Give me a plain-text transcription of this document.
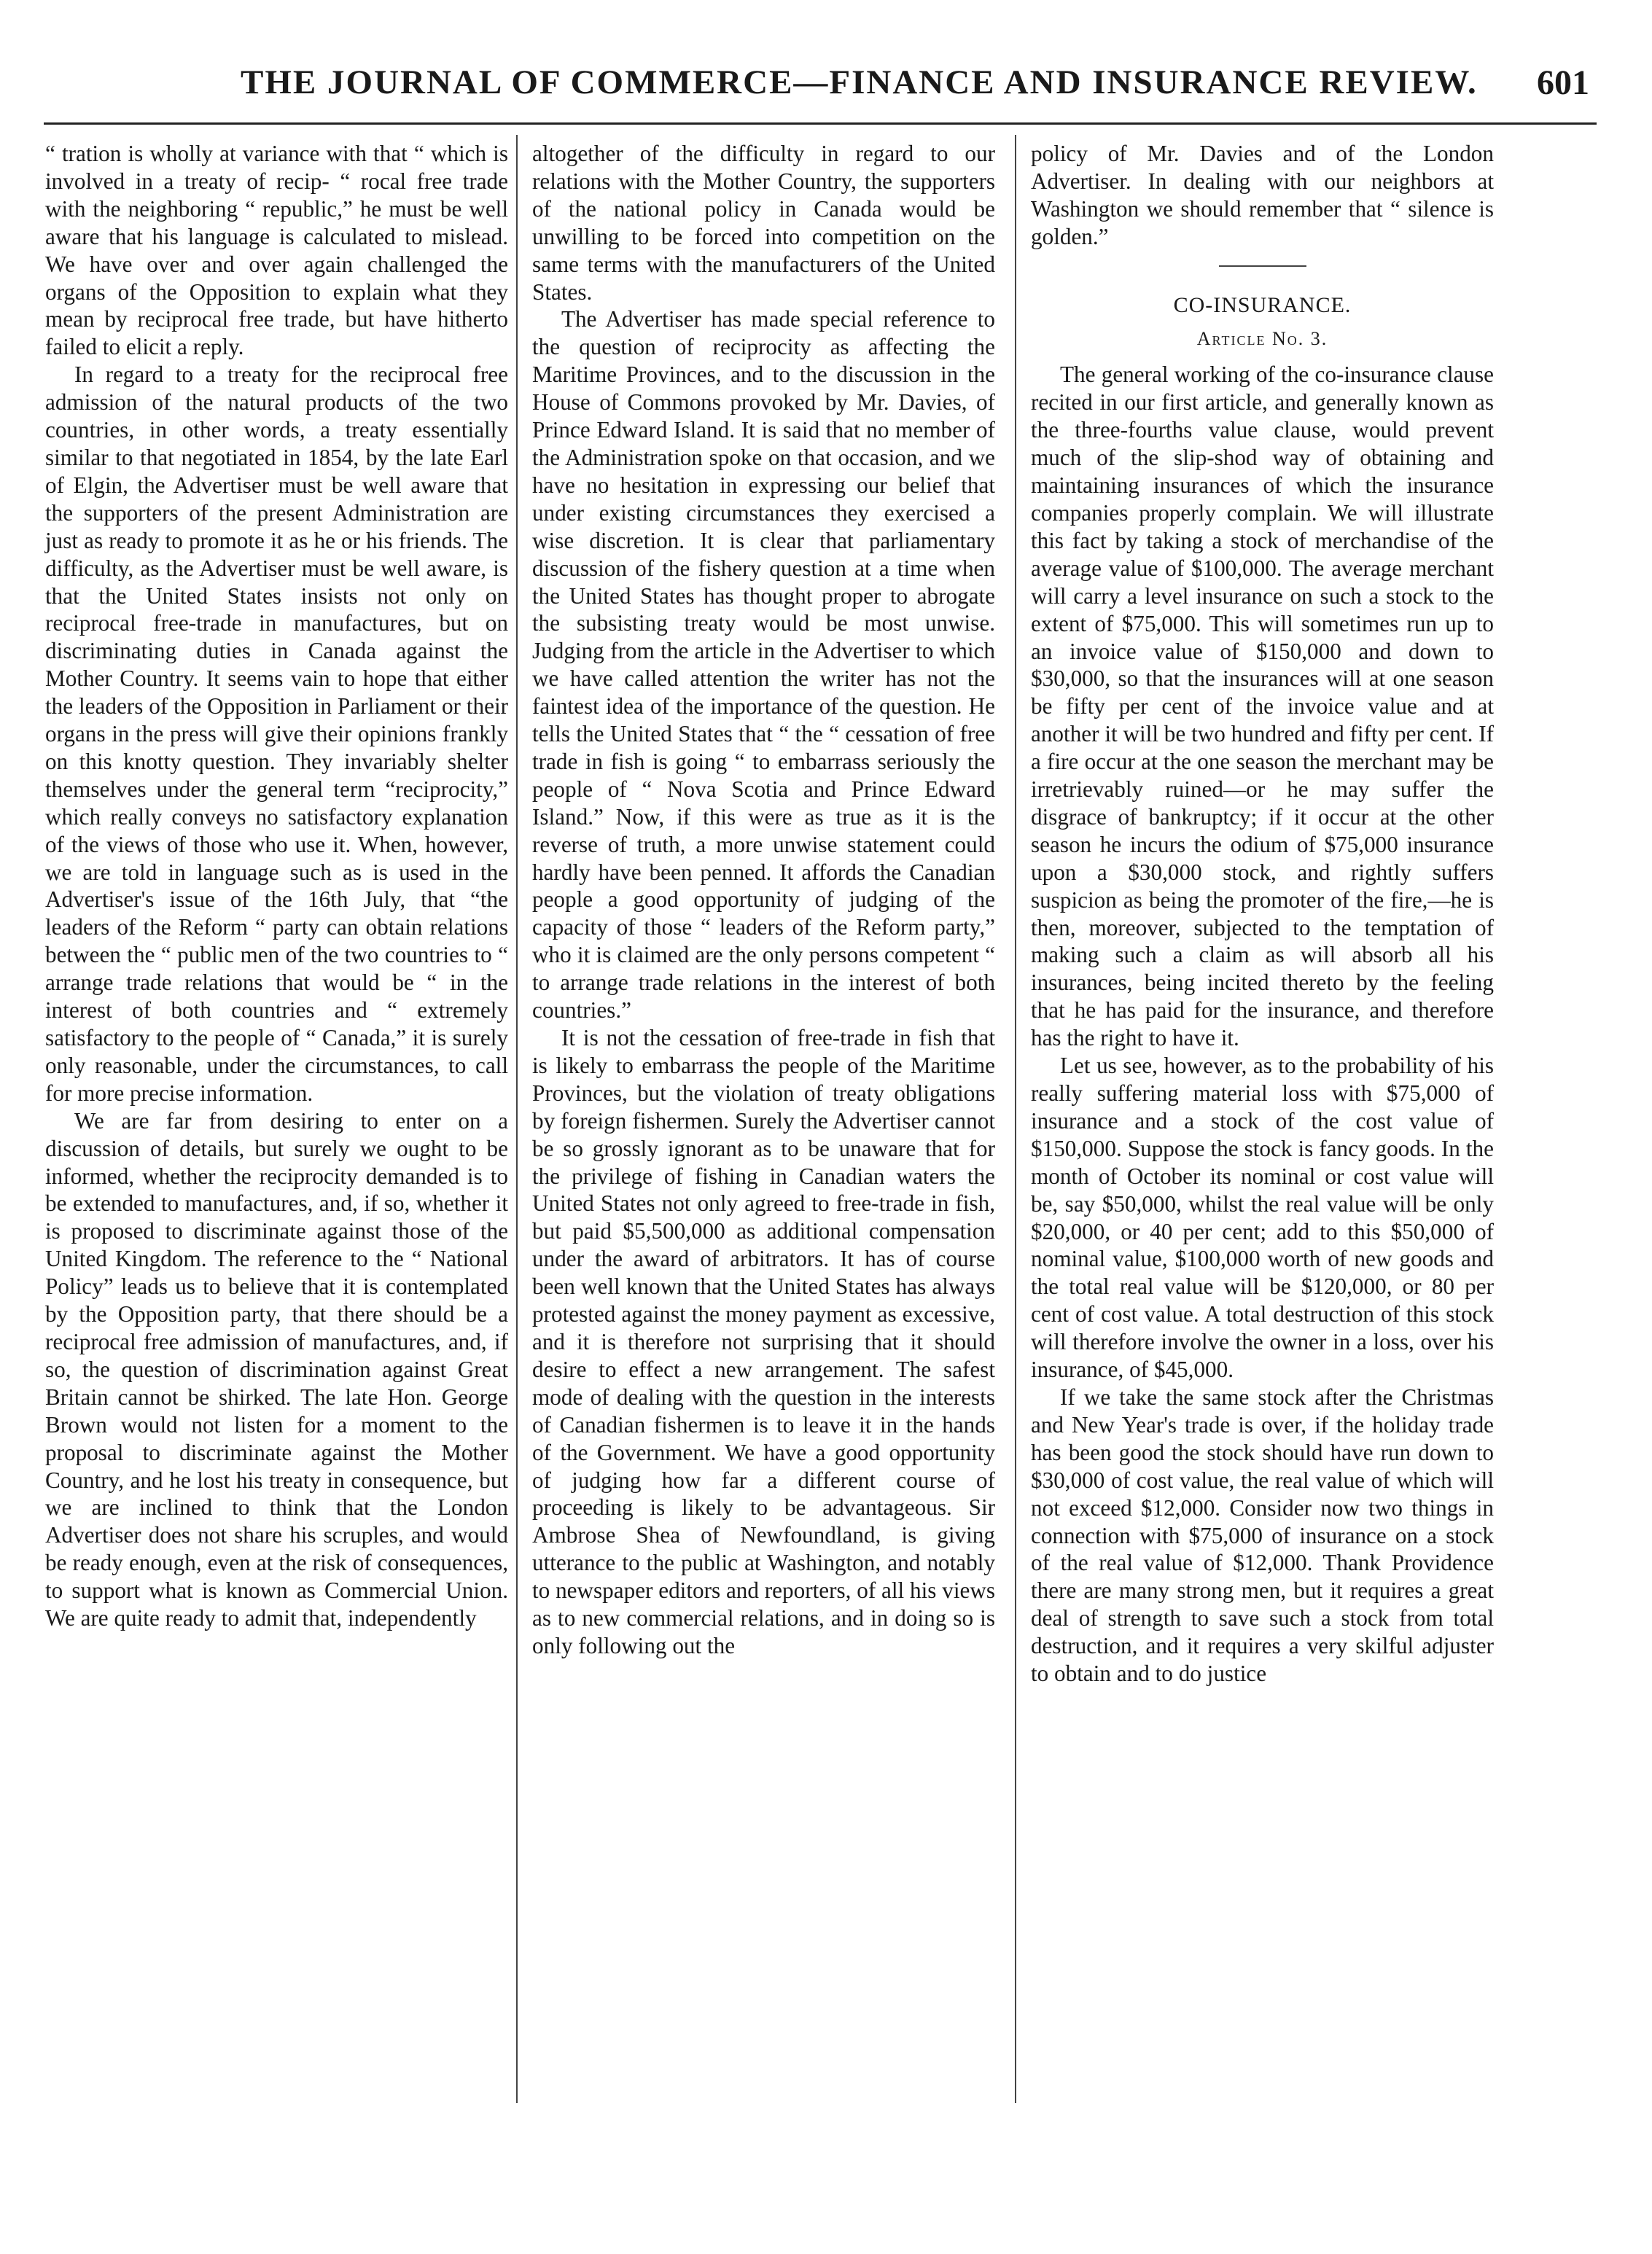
THE JOURNAL OF COMMERCE—FINANCE AND INSURANCE REVIEW. 601

“ tration is wholly at variance with that “ which is involved in a treaty of recip- “ rocal free trade with the neighboring “ republic,” he must be well aware that his language is calculated to mislead. We have over and over again challenged the organs of the Opposition to explain what they mean by reciprocal free trade, but have hitherto failed to elicit a reply.

In regard to a treaty for the reciprocal free admission of the natural products of the two countries, in other words, a treaty essentially similar to that negotiated in 1854, by the late Earl of Elgin, the Advertiser must be well aware that the supporters of the present Administration are just as ready to promote it as he or his friends. The difficulty, as the Advertiser must be well aware, is that the United States insists not only on reciprocal free-trade in manufactures, but on discriminating duties in Canada against the Mother Country. It seems vain to hope that either the leaders of the Opposition in Parliament or their organs in the press will give their opinions frankly on this knotty question. They invariably shelter themselves under the general term “reciprocity,” which really conveys no satisfactory explanation of the views of those who use it. When, however, we are told in language such as is used in the Advertiser's issue of the 16th July, that “the leaders of the Reform “ party can obtain relations between the “ public men of the two countries to “ arrange trade relations that would be “ in the interest of both countries and “ extremely satisfactory to the people of “ Canada,” it is surely only reasonable, under the circumstances, to call for more precise information.

We are far from desiring to enter on a discussion of details, but surely we ought to be informed, whether the reciprocity demanded is to be extended to manufactures, and, if so, whether it is proposed to discriminate against those of the United Kingdom. The reference to the “ National Policy” leads us to believe that it is contemplated by the Opposition party, that there should be a reciprocal free admission of manufactures, and, if so, the question of discrimination against Great Britain cannot be shirked. The late Hon. George Brown would not listen for a moment to the proposal to discriminate against the Mother Country, and he lost his treaty in consequence, but we are inclined to think that the London Advertiser does not share his scruples, and would be ready enough, even at the risk of consequences, to support what is known as Commercial Union. We are quite ready to admit that, independently

altogether of the difficulty in regard to our relations with the Mother Country, the supporters of the national policy in Canada would be unwilling to be forced into competition on the same terms with the manufacturers of the United States.

The Advertiser has made special reference to the question of reciprocity as affecting the Maritime Provinces, and to the discussion in the House of Commons provoked by Mr. Davies, of Prince Edward Island. It is said that no member of the Administration spoke on that occasion, and we have no hesitation in expressing our belief that under existing circumstances they exercised a wise discretion. It is clear that parliamentary discussion of the fishery question at a time when the United States has thought proper to abrogate the subsisting treaty would be most unwise. Judging from the article in the Advertiser to which we have called attention the writer has not the faintest idea of the importance of the question. He tells the United States that “ the “ cessation of free trade in fish is going “ to embarrass seriously the people of “ Nova Scotia and Prince Edward Island.” Now, if this were as true as it is the reverse of truth, a more unwise statement could hardly have been penned. It affords the Canadian people a good opportunity of judging of the capacity of those “ leaders of the Reform party,” who it is claimed are the only persons competent “ to arrange trade relations in the interest of both countries.”

It is not the cessation of free-trade in fish that is likely to embarrass the people of the Maritime Provinces, but the violation of treaty obligations by foreign fishermen. Surely the Advertiser cannot be so grossly ignorant as to be unaware that for the privilege of fishing in Canadian waters the United States not only agreed to free-trade in fish, but paid $5,500,000 as additional compensation under the award of arbitrators. It has of course been well known that the United States has always protested against the money payment as excessive, and it is therefore not surprising that it should desire to effect a new arrangement. The safest mode of dealing with the question in the interests of Canadian fishermen is to leave it in the hands of the Government. We have a good opportunity of judging how far a different course of proceeding is likely to be advantageous. Sir Ambrose Shea of Newfoundland, is giving utterance to the public at Washington, and notably to newspaper editors and reporters, of all his views as to new commercial relations, and in doing so is only following out the

policy of Mr. Davies and of the London Advertiser. In dealing with our neighbors at Washington we should remember that “ silence is golden.”

CO-INSURANCE.
Article No. 3.

The general working of the co-insurance clause recited in our first article, and generally known as the three-fourths value clause, would prevent much of the slip-shod way of obtaining and maintaining insurances of which the insurance companies properly complain. We will illustrate this fact by taking a stock of merchandise of the average value of $100,000. The average merchant will carry a level insurance on such a stock to the extent of $75,000. This will sometimes run up to an invoice value of $150,000 and down to $30,000, so that the insurances will at one season be fifty per cent of the invoice value and at another it will be two hundred and fifty per cent. If a fire occur at the one season the merchant may be irretrievably ruined—or he may suffer the disgrace of bankruptcy; if it occur at the other season he incurs the odium of $75,000 insurance upon a $30,000 stock, and rightly suffers suspicion as being the promoter of the fire,—he is then, moreover, subjected to the temptation of making such a claim as will absorb all his insurances, being incited thereto by the feeling that he has paid for the insurance, and therefore has the right to have it.

Let us see, however, as to the probability of his really suffering material loss with $75,000 of insurance and a stock of the cost value of $150,000. Suppose the stock is fancy goods. In the month of October its nominal or cost value will be, say $50,000, whilst the real value will be only $20,000, or 40 per cent; add to this $50,000 of nominal value, $100,000 worth of new goods and the total real value will be $120,000, or 80 per cent of cost value. A total destruction of this stock will therefore involve the owner in a loss, over his insurance, of $45,000.

If we take the same stock after the Christmas and New Year's trade is over, if the holiday trade has been good the stock should have run down to $30,000 of cost value, the real value of which will not exceed $12,000. Consider now two things in connection with $75,000 of insurance on a stock of the real value of $12,000. Thank Providence there are many strong men, but it requires a great deal of strength to save such a stock from total destruction, and it requires a very skilful adjuster to obtain and to do justice
